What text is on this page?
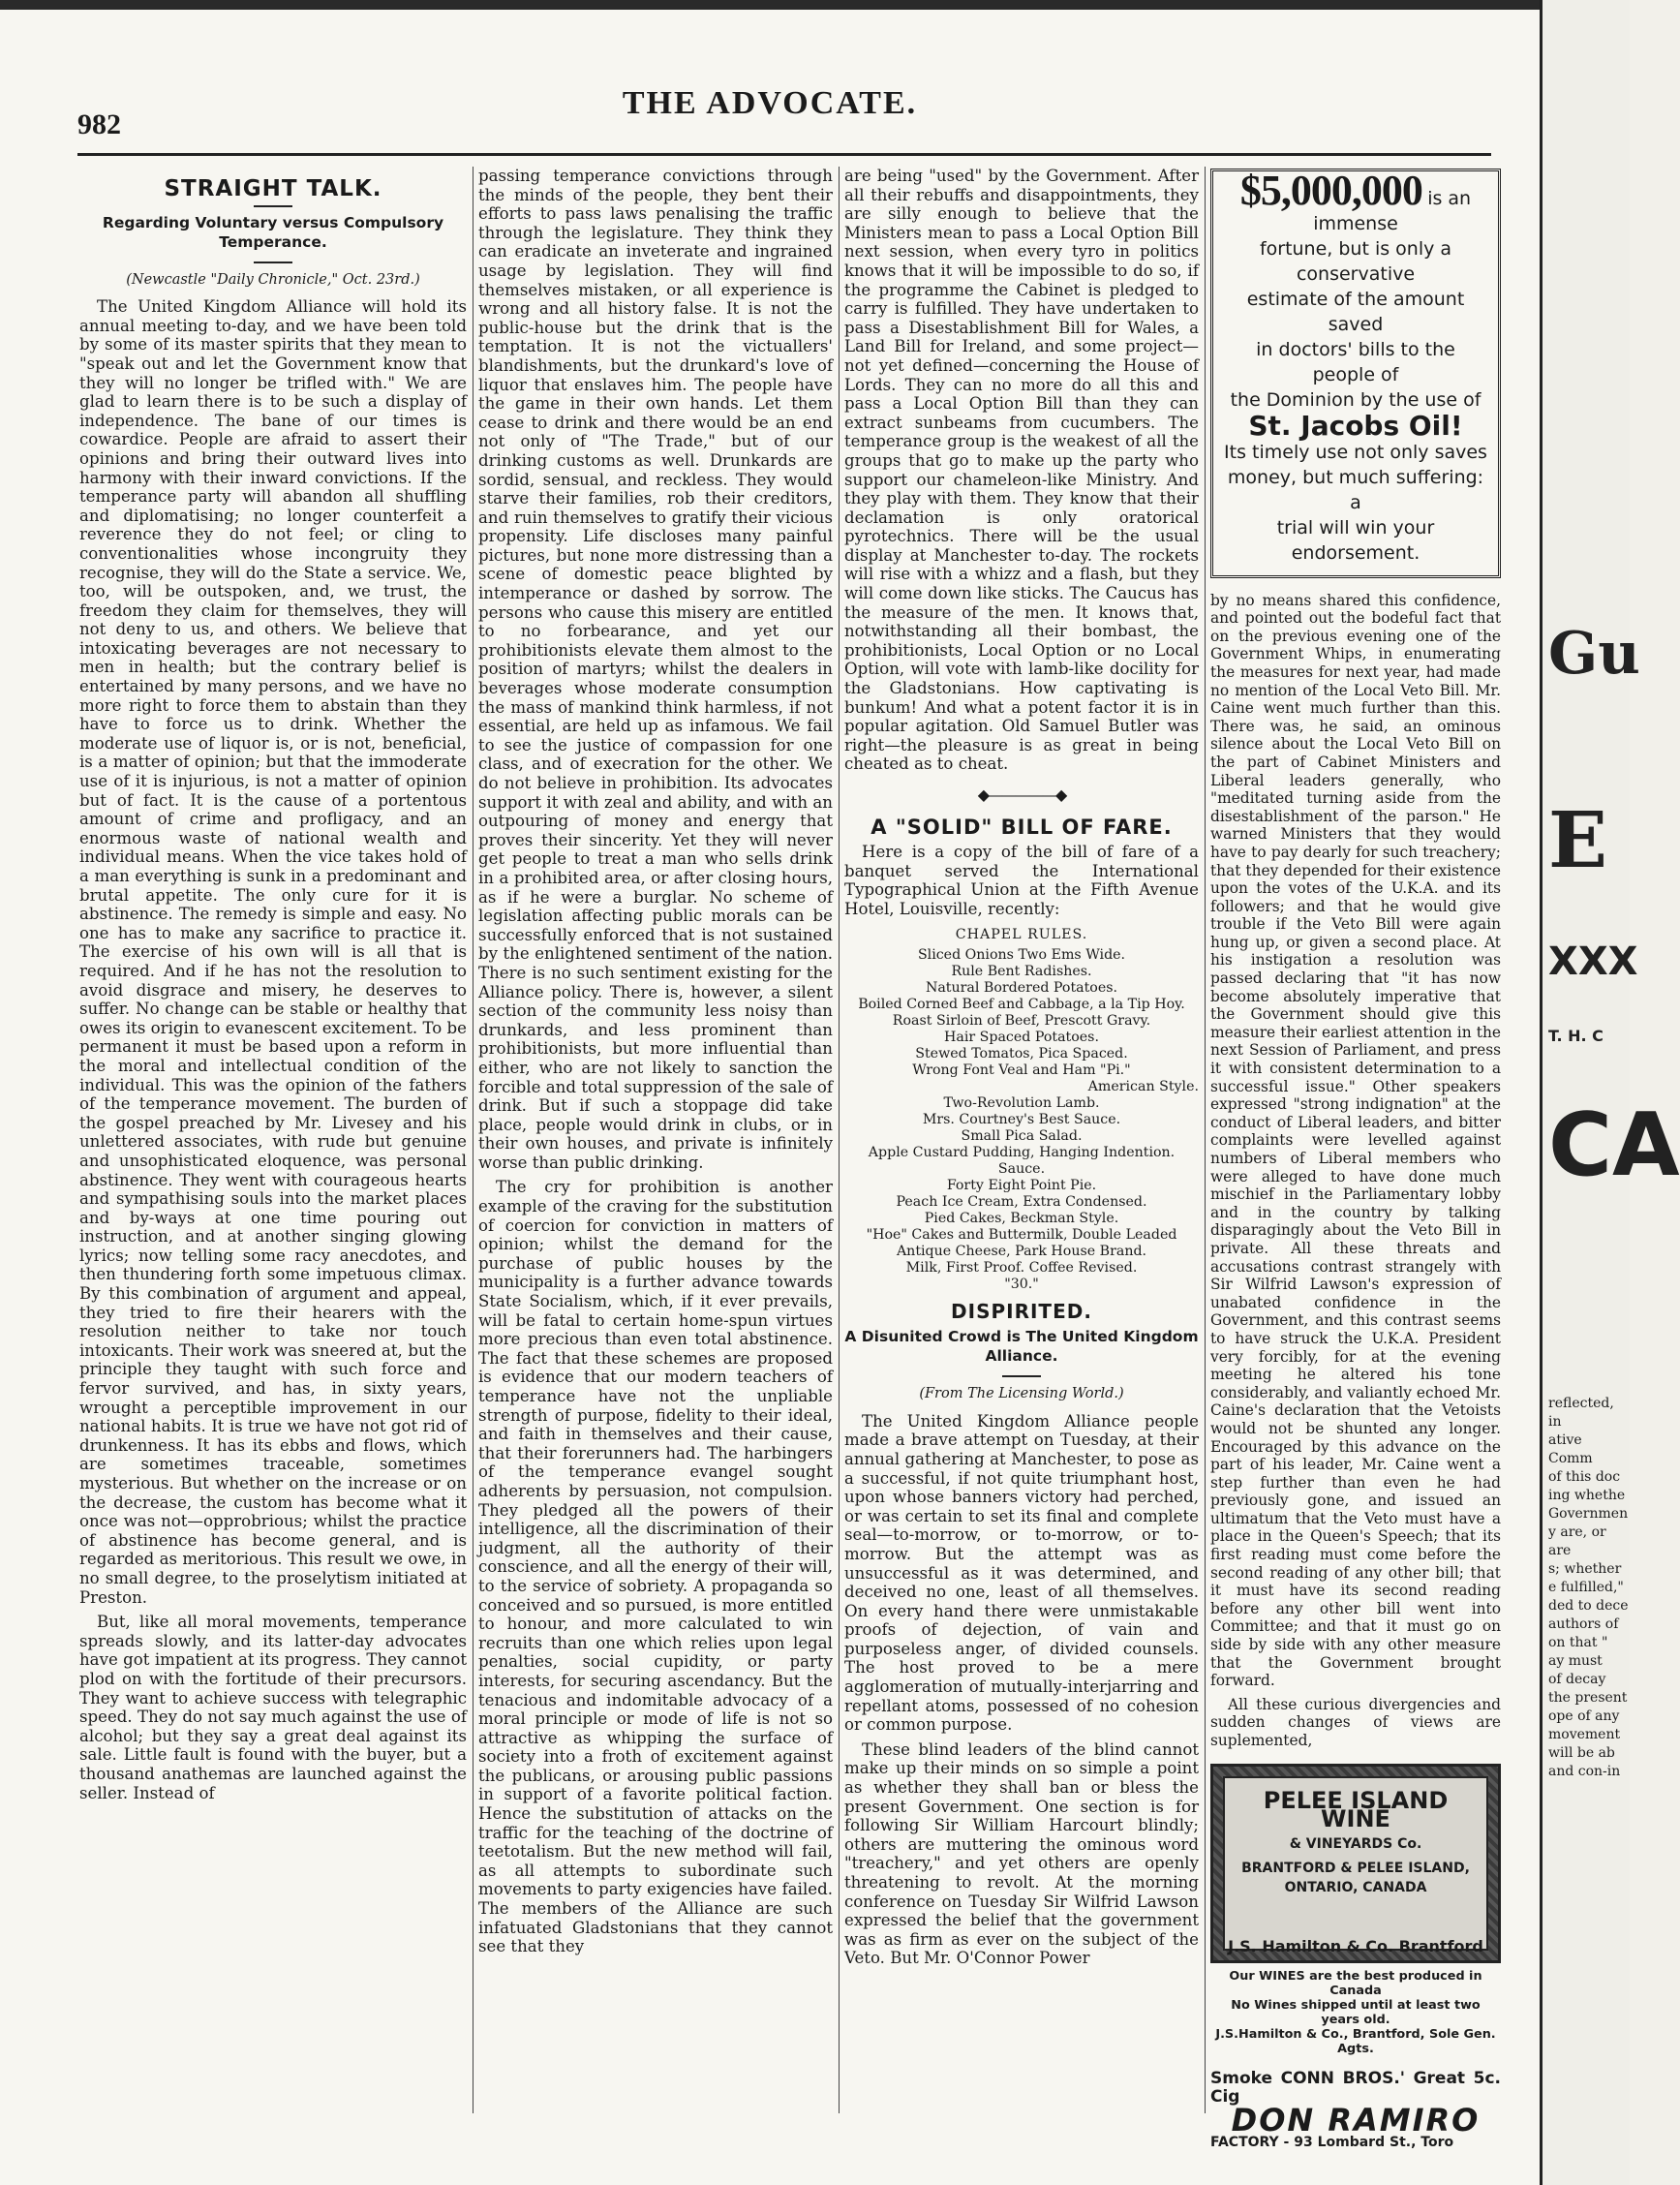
982
THE ADVOCATE.
STRAIGHT TALK.
Regarding Voluntary versus Compulsory Temperance.
(Newcastle "Daily Chronicle," Oct. 23rd.)

The United Kingdom Alliance will hold its annual meeting to-day, and we have been told by some of its master spirits that they mean to "speak out and let the Government know that they will no longer be trifled with." We are glad to learn there is to be such a display of independence. The bane of our times is cowardice. People are afraid to assert their opinions and bring their outward lives into harmony with their inward convictions. If the temperance party will abandon all shuffling and diplomatising; no longer counterfeit a reverence they do not feel; or cling to conventionalities whose incongruity they recognise, they will do the State a service. We, too, will be outspoken, and, we trust, the freedom they claim for themselves, they will not deny to us, and others. We believe that intoxicating beverages are not necessary to men in health; but the contrary belief is entertained by many persons, and we have no more right to force them to abstain than they have to force us to drink. Whether the moderate use of liquor is, or is not, beneficial, is a matter of opinion; but that the immoderate use of it is injurious, is not a matter of opinion but of fact. It is the cause of a portentous amount of crime and profligacy, and an enormous waste of national wealth and individual means. When the vice takes hold of a man everything is sunk in a predominant and brutal appetite. The only cure for it is abstinence. The remedy is simple and easy. No one has to make any sacrifice to practice it. The exercise of his own will is all that is required. And if he has not the resolution to avoid disgrace and misery, he deserves to suffer. No change can be stable or healthy that owes its origin to evanescent excitement. To be permanent it must be based upon a reform in the moral and intellectual condition of the individual. This was the opinion of the fathers of the temperance movement. The burden of the gospel preached by Mr. Livesey and his unlettered associates, with rude but genuine and unsophisticated eloquence, was personal abstinence. They went with courageous hearts and sympathising souls into the market places and by-ways at one time pouring out instruction, and at another singing glowing lyrics; now telling some racy anecdotes, and then thundering forth some impetuous climax. By this combination of argument and appeal, they tried to fire their hearers with the resolution neither to take nor touch intoxicants. Their work was sneered at, but the principle they taught with such force and fervor survived, and has, in sixty years, wrought a perceptible improvement in our national habits. It is true we have not got rid of drunkenness. It has its ebbs and flows, which are sometimes traceable, sometimes mysterious. But whether on the increase or on the decrease, the custom has become what it once was not—opprobrious; whilst the practice of abstinence has become general, and is regarded as meritorious. This result we owe, in no small degree, to the proselytism initiated at Preston.

But, like all moral movements, temperance spreads slowly, and its latter-day advocates have got impatient at its progress. They cannot plod on with the fortitude of their precursors. They want to achieve success with telegraphic speed. They do not say much against the use of alcohol; but they say a great deal against its sale. Little fault is found with the buyer, but a thousand anathemas are launched against the seller. Instead of

passing temperance convictions through the minds of the people, they bent their efforts to pass laws penalising the traffic through the legislature. They think they can eradicate an inveterate and ingrained usage by legislation. They will find themselves mistaken, or all experience is wrong and all history false. It is not the public-house but the drink that is the temptation. It is not the victuallers' blandishments, but the drunkard's love of liquor that enslaves him. The people have the game in their own hands. Let them cease to drink and there would be an end not only of "The Trade," but of our drinking customs as well. Drunkards are sordid, sensual, and reckless. They would starve their families, rob their creditors, and ruin themselves to gratify their vicious propensity. Life discloses many painful pictures, but none more distressing than a scene of domestic peace blighted by intemperance or dashed by sorrow. The persons who cause this misery are entitled to no forbearance, and yet our prohibitionists elevate them almost to the position of martyrs; whilst the dealers in beverages whose moderate consumption the mass of mankind think harmless, if not essential, are held up as infamous. We fail to see the justice of compassion for one class, and of execration for the other. We do not believe in prohibition. Its advocates support it with zeal and ability, and with an outpouring of money and energy that proves their sincerity. Yet they will never get people to treat a man who sells drink in a prohibited area, or after closing hours, as if he were a burglar. No scheme of legislation affecting public morals can be successfully enforced that is not sustained by the enlightened sentiment of the nation. There is no such sentiment existing for the Alliance policy. There is, however, a silent section of the community less noisy than drunkards, and less prominent than prohibitionists, but more influential than either, who are not likely to sanction the forcible and total suppression of the sale of drink. But if such a stoppage did take place, people would drink in clubs, or in their own houses, and private is infinitely worse than public drinking.

The cry for prohibition is another example of the craving for the substitution of coercion for conviction in matters of opinion; whilst the demand for the purchase of public houses by the municipality is a further advance towards State Socialism, which, if it ever prevails, will be fatal to certain home-spun virtues more precious than even total abstinence. The fact that these schemes are proposed is evidence that our modern teachers of temperance have not the unpliable strength of purpose, fidelity to their ideal, and faith in themselves and their cause, that their forerunners had. The harbingers of the temperance evangel sought adherents by persuasion, not compulsion. They pledged all the powers of their intelligence, all the discrimination of their judgment, all the authority of their conscience, and all the energy of their will, to the service of sobriety. A propaganda so conceived and so pursued, is more entitled to honour, and more calculated to win recruits than one which relies upon legal penalties, social cupidity, or party interests, for securing ascendancy. But the tenacious and indomitable advocacy of a moral principle or mode of life is not so attractive as whipping the surface of society into a froth of excitement against the publicans, or arousing public passions in support of a favorite political faction. Hence the substitution of attacks on the traffic for the teaching of the doctrine of teetotalism. But the new method will fail, as all attempts to subordinate such movements to party exigencies have failed. The members of the Alliance are such infatuated Gladstonians that they cannot see that they

are being "used" by the Government. After all their rebuffs and disappointments, they are silly enough to believe that the Ministers mean to pass a Local Option Bill next session, when every tyro in politics knows that it will be impossible to do so, if the programme the Cabinet is pledged to carry is fulfilled. They have undertaken to pass a Disestablishment Bill for Wales, a Land Bill for Ireland, and some project—not yet defined—concerning the House of Lords. They can no more do all this and pass a Local Option Bill than they can extract sunbeams from cucumbers. The temperance group is the weakest of all the groups that go to make up the party who support our chameleon-like Ministry. And they play with them. They know that their declamation is only oratorical pyrotechnics. There will be the usual display at Manchester to-day. The rockets will rise with a whizz and a flash, but they will come down like sticks. The Caucus has the measure of the men. It knows that, notwithstanding all their bombast, the prohibitionists, Local Option or no Local Option, will vote with lamb-like docility for the Gladstonians. How captivating is bunkum! And what a potent factor it is in popular agitation. Old Samuel Butler was right—the pleasure is as great in being cheated as to cheat.

◆—————◆
A "SOLID" BILL OF FARE.

Here is a copy of the bill of fare of a banquet served the International Typographical Union at the Fifth Avenue Hotel, Louisville, recently:

CHAPEL RULES.
Sliced Onions Two Ems Wide.
Rule Bent Radishes.
Natural Bordered Potatoes.
Boiled Corned Beef and Cabbage, a la Tip Hoy.
Roast Sirloin of Beef, Prescott Gravy.
Hair Spaced Potatoes.
Stewed Tomatos, Pica Spaced.
Wrong Font Veal and Ham "Pi."
American Style.
Two-Revolution Lamb.
Mrs. Courtney's Best Sauce.
Small Pica Salad.
Apple Custard Pudding, Hanging Indention.
Sauce.
Forty Eight Point Pie.
Peach Ice Cream, Extra Condensed.
Pied Cakes, Beckman Style.
"Hoe" Cakes and Buttermilk, Double Leaded
Antique Cheese, Park House Brand.
Milk, First Proof. Coffee Revised.
"30."
DISPIRITED.
A Disunited Crowd is The United Kingdom Alliance.
(From The Licensing World.)

The United Kingdom Alliance people made a brave attempt on Tuesday, at their annual gathering at Manchester, to pose as a successful, if not quite triumphant host, upon whose banners victory had perched, or was certain to set its final and complete seal—to-morrow, or to-morrow, or to-morrow. But the attempt was as unsuccessful as it was determined, and deceived no one, least of all themselves. On every hand there were unmistakable proofs of dejection, of vain and purposeless anger, of divided counsels. The host proved to be a mere agglomeration of mutually-interjarring and repellant atoms, possessed of no cohesion or common purpose.

These blind leaders of the blind cannot make up their minds on so simple a point as whether they shall ban or bless the present Government. One section is for following Sir William Harcourt blindly; others are muttering the ominous word "treachery," and yet others are openly threatening to revolt. At the morning conference on Tuesday Sir Wilfrid Lawson expressed the belief that the government was as firm as ever on the subject of the Veto. But Mr. O'Connor Power

$5,000,000 is an immense
fortune, but is only a conservative
estimate of the amount saved
in doctors' bills to the people of
the Dominion by the use of
St. Jacobs Oil!
Its timely use not only saves
money, but much suffering: a
trial will win your endorsement.

by no means shared this confidence, and pointed out the bodeful fact that on the previous evening one of the Government Whips, in enumerating the measures for next year, had made no mention of the Local Veto Bill. Mr. Caine went much further than this. There was, he said, an ominous silence about the Local Veto Bill on the part of Cabinet Ministers and Liberal leaders generally, who "meditated turning aside from the disestablishment of the parson." He warned Ministers that they would have to pay dearly for such treachery; that they depended for their existence upon the votes of the U.K.A. and its followers; and that he would give trouble if the Veto Bill were again hung up, or given a second place. At his instigation a resolution was passed declaring that "it has now become absolutely imperative that the Government should give this measure their earliest attention in the next Session of Parliament, and press it with consistent determination to a successful issue." Other speakers expressed "strong indignation" at the conduct of Liberal leaders, and bitter complaints were levelled against numbers of Liberal members who were alleged to have done much mischief in the Parliamentary lobby and in the country by talking disparagingly about the Veto Bill in private. All these threats and accusations contrast strangely with Sir Wilfrid Lawson's expression of unabated confidence in the Government, and this contrast seems to have struck the U.K.A. President very forcibly, for at the evening meeting he altered his tone considerably, and valiantly echoed Mr. Caine's declaration that the Vetoists would not be shunted any longer. Encouraged by this advance on the part of his leader, Mr. Caine went a step further than even he had previously gone, and issued an ultimatum that the Veto must have a place in the Queen's Speech; that its first reading must come before the second reading of any other bill; that it must have its second reading before any other bill went into Committee; and that it must go on side by side with any other measure that the Government brought forward.

All these curious divergencies and sudden changes of views are suplemented,

PELEE ISLAND WINE
& VINEYARDS Co.
BRANTFORD & PELEE ISLAND, ONTARIO, CANADA
J.S. Hamilton & Co. Brantford
Our WINES are the best produced in Canada
No Wines shipped until at least two years old.
J.S.Hamilton & Co., Brantford, Sole Gen. Agts.
Smoke CONN BROS.' Great 5c. Cig
DON RAMIRO
FACTORY - 93 Lombard St., Toro
Gu
E
XXX
T. H. C
CA
reflected, in
ative Comm
of this doc
ing whethe
Governmen
y are, or are
s; whether
e fulfilled,"
ded to dece
authors of
on that "
ay must
of decay
the present
ope of any
movement
will be ab
and con-in
